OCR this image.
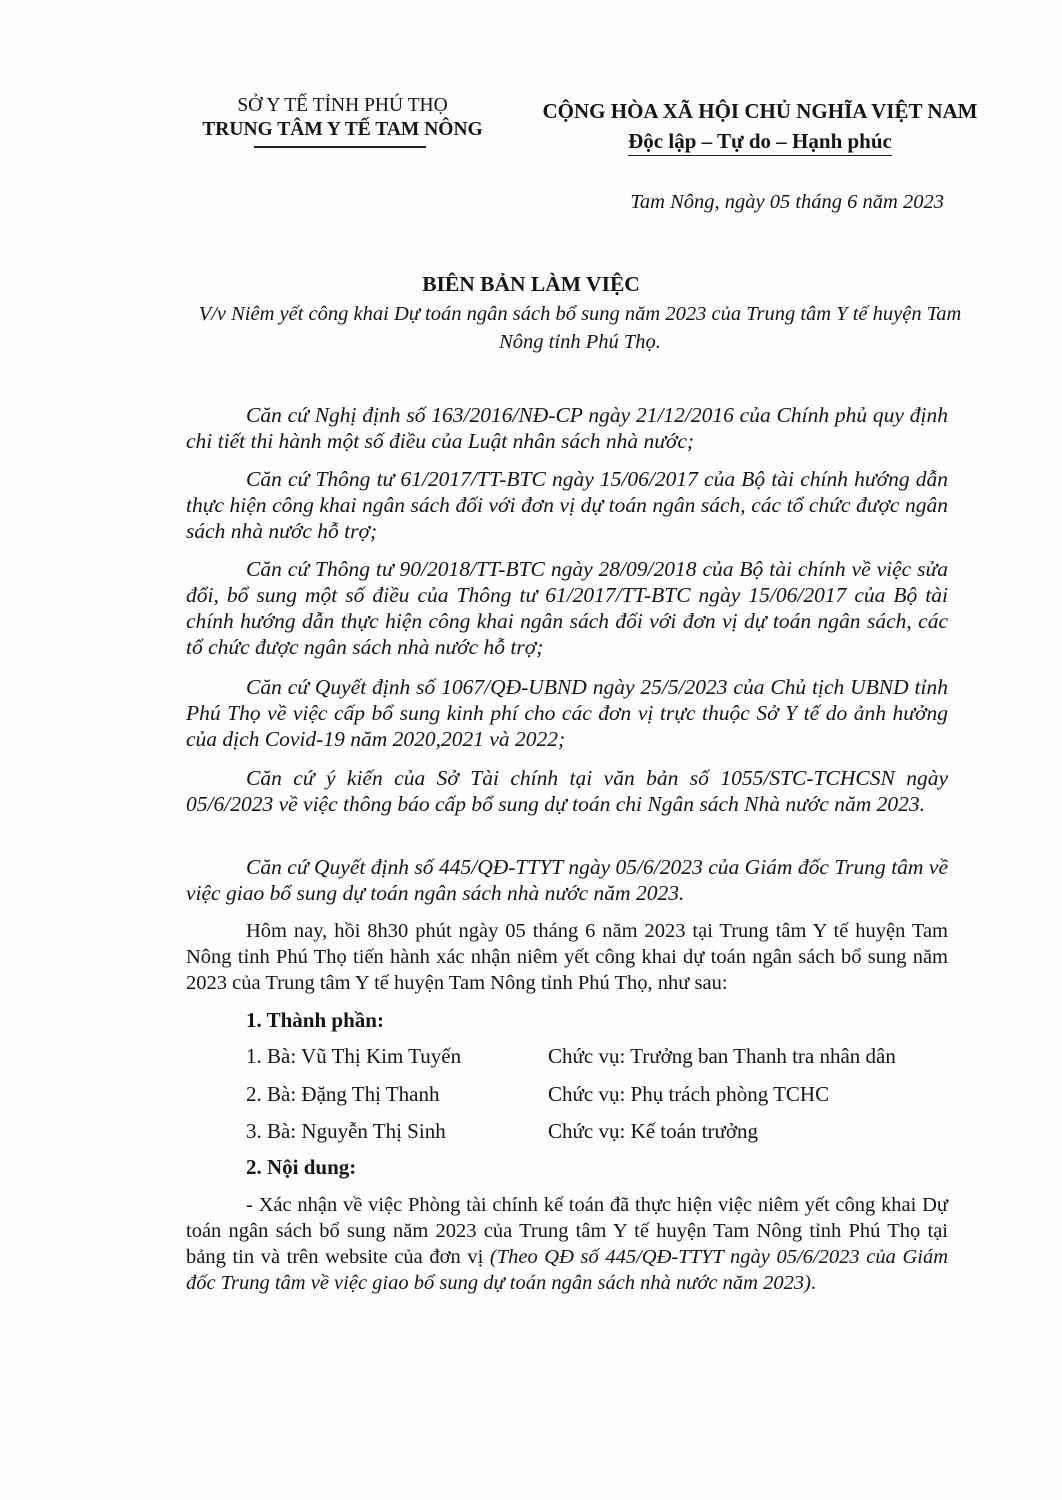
SỞ Y TẾ TỈNH PHÚ THỌ
TRUNG TÂM Y TẾ TAM NÔNG
CỘNG HÒA XÃ HỘI CHỦ NGHĨA VIỆT NAM
Độc lập – Tự do – Hạnh phúc
Tam Nông, ngày 05 tháng 6 năm 2023
BIÊN BẢN LÀM VIỆC
V/v Niêm yết công khai Dự toán ngân sách bổ sung năm 2023 của Trung tâm Y tế huyện Tam Nông tỉnh Phú Thọ.
Căn cứ Nghị định số 163/2016/NĐ-CP ngày 21/12/2016 của Chính phủ quy định chi tiết thi hành một số điều của Luật nhân sách nhà nước;
Căn cứ Thông tư 61/2017/TT-BTC ngày 15/06/2017 của Bộ tài chính hướng dẫn thực hiện công khai ngân sách đối với đơn vị dự toán ngân sách, các tổ chức được ngân sách nhà nước hỗ trợ;
Căn cứ Thông tư 90/2018/TT-BTC ngày 28/09/2018 của Bộ tài chính về việc sửa đổi, bổ sung một số điều của Thông tư 61/2017/TT-BTC ngày 15/06/2017 của Bộ tài chính hướng dẫn thực hiện công khai ngân sách đối với đơn vị dự toán ngân sách, các tổ chức được ngân sách nhà nước hỗ trợ;
Căn cứ Quyết định số 1067/QĐ-UBND ngày 25/5/2023 của Chủ tịch UBND tỉnh Phú Thọ về việc cấp bổ sung kinh phí cho các đơn vị trực thuộc Sở Y tế do ảnh hưởng của dịch Covid-19 năm 2020,2021 và 2022;
Căn cứ ý kiến của Sở Tài chính tại văn bản số 1055/STC-TCHCSN ngày 05/6/2023 về việc thông báo cấp bổ sung dự toán chi Ngân sách Nhà nước năm 2023.
Căn cứ Quyết định số 445/QĐ-TTYT ngày 05/6/2023 của Giám đốc Trung tâm về việc giao bổ sung dự toán ngân sách nhà nước năm 2023.
Hôm nay, hồi 8h30 phút ngày 05 tháng 6 năm 2023 tại Trung tâm Y tế huyện Tam Nông tỉnh Phú Thọ tiến hành xác nhận niêm yết công khai dự toán ngân sách bổ sung năm 2023 của Trung tâm Y tế huyện Tam Nông tỉnh Phú Thọ, như sau:
1. Thành phần:
1. Bà: Vũ Thị Kim Tuyến	Chức vụ: Trưởng ban Thanh tra nhân dân
2. Bà: Đặng Thị Thanh	Chức vụ: Phụ trách phòng TCHC
3. Bà: Nguyễn Thị Sinh	Chức vụ: Kế toán trưởng
2. Nội dung:
- Xác nhận về việc Phòng tài chính kế toán đã thực hiện việc niêm yết công khai Dự toán ngân sách bổ sung năm 2023 của Trung tâm Y tế huyện Tam Nông tỉnh Phú Thọ tại bảng tin và trên website của đơn vị (Theo QĐ số 445/QĐ-TTYT ngày 05/6/2023 của Giám đốc Trung tâm về việc giao bổ sung dự toán ngân sách nhà nước năm 2023).
